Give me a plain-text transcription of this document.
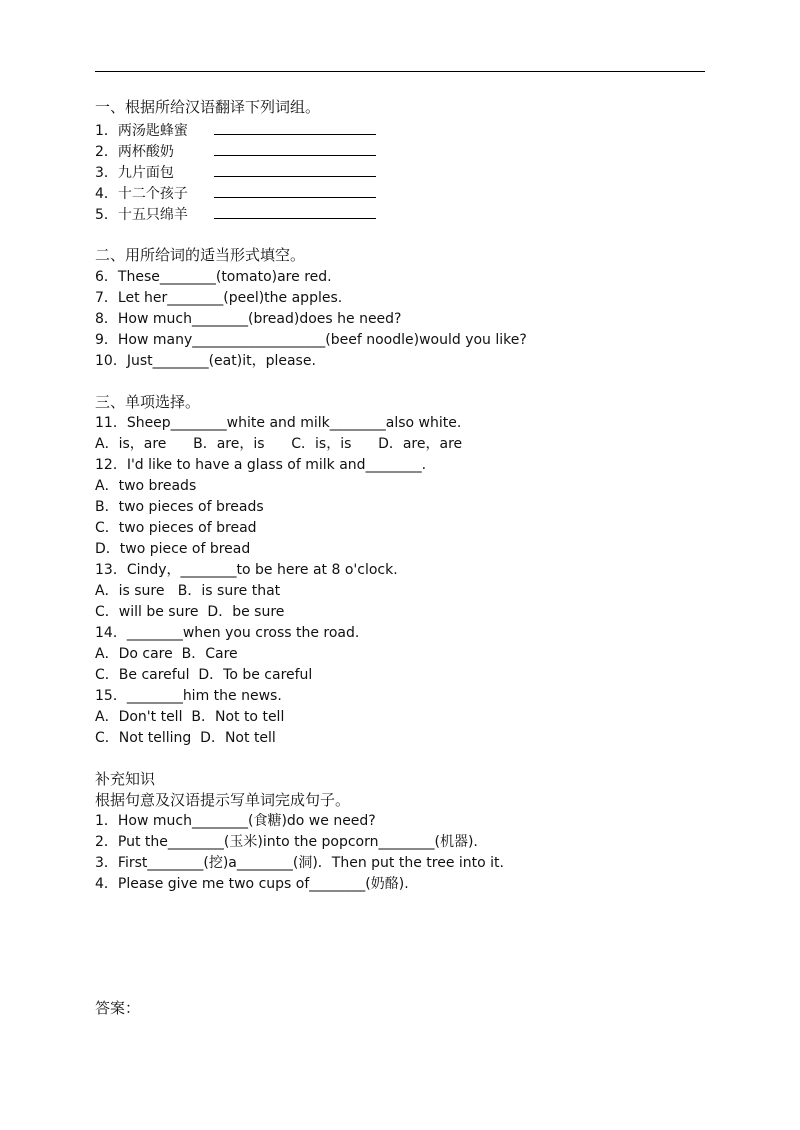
一、根据所给汉语翻译下列词组。
1．两汤匙蜂蜜
2．两杯酸奶
3．九片面包
4．十二个孩子
5．十五只绵羊
二、用所给词的适当形式填空。
6．These________(tomato)are red.
7．Let her________(peel)the apples.
8．How much________(bread)does he need?
9．How many___________________(beef noodle)would you like?
10．Just________(eat)it，please.
三、单项选择。
11．Sheep________white and milk________also white.
A．is，are      B．are，is      C．is，is      D．are，are
12．I'd like to have a glass of milk and________.
A．two breads
B．two pieces of breads
C．two pieces of bread
D．two piece of bread
13．Cindy，________to be here at 8 o'clock.
A．is sure   B．is sure that
C．will be sure  D．be sure
14．________when you cross the road.
A．Do care  B．Care
C．Be careful  D．To be careful
15．________him the news.
A．Don't tell  B．Not to tell
C．Not telling  D．Not tell
补充知识
根据句意及汉语提示写单词完成句子。
1．How much________(食糖)do we need?
2．Put the________(玉米)into the popcorn________(机器).
3．First________(挖)a________(洞)．Then put the tree into it.
4．Please give me two cups of________(奶酪).
答案：
